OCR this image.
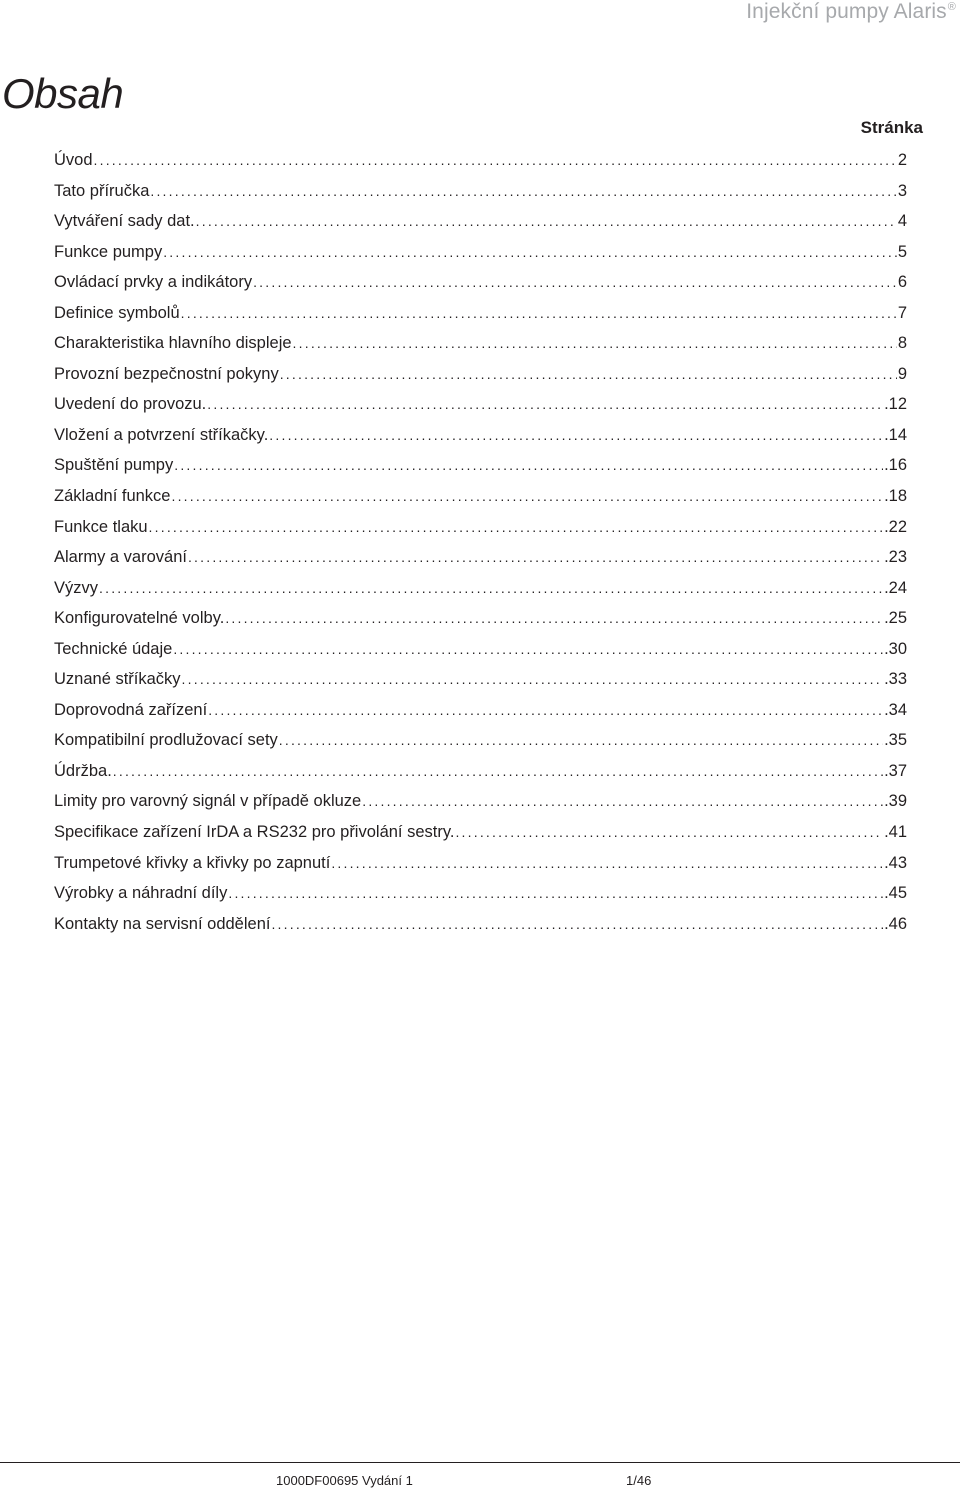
Injekční pumpy Alaris®
Obsah
Stránka
Úvod .....	2
Tato příručka .....	3
Vytváření sady dat. .....	4
Funkce pumpy .....	5
Ovládací prvky a indikátory .....	6
Definice symbolů .....	7
Charakteristika hlavního displeje .....	8
Provozní bezpečnostní pokyny .....	9
Uvedení do provozu. .....	.12
Vložení a potvrzení stříkačky. .....	.14
Spuštění pumpy .....	.16
Základní funkce .....	.18
Funkce tlaku .....	.22
Alarmy a varování .....	.23
Výzvy .....	.24
Konfigurovatelné volby. .....	.25
Technické údaje .....	.30
Uznané stříkačky .....	.33
Doprovodná zařízení .....	.34
Kompatibilní prodlužovací sety .....	.35
Údržba. .....	.37
Limity pro varovný signál v případě okluze .....	.39
Specifikace zařízení IrDA a RS232 pro přivolání sestry. .....	.41
Trumpetové křivky a křivky po zapnutí .....	.43
Výrobky a náhradní díly .....	.45
Kontakty na servisní oddělení .....	.46
1000DF00695 Vydání 1	1/46
